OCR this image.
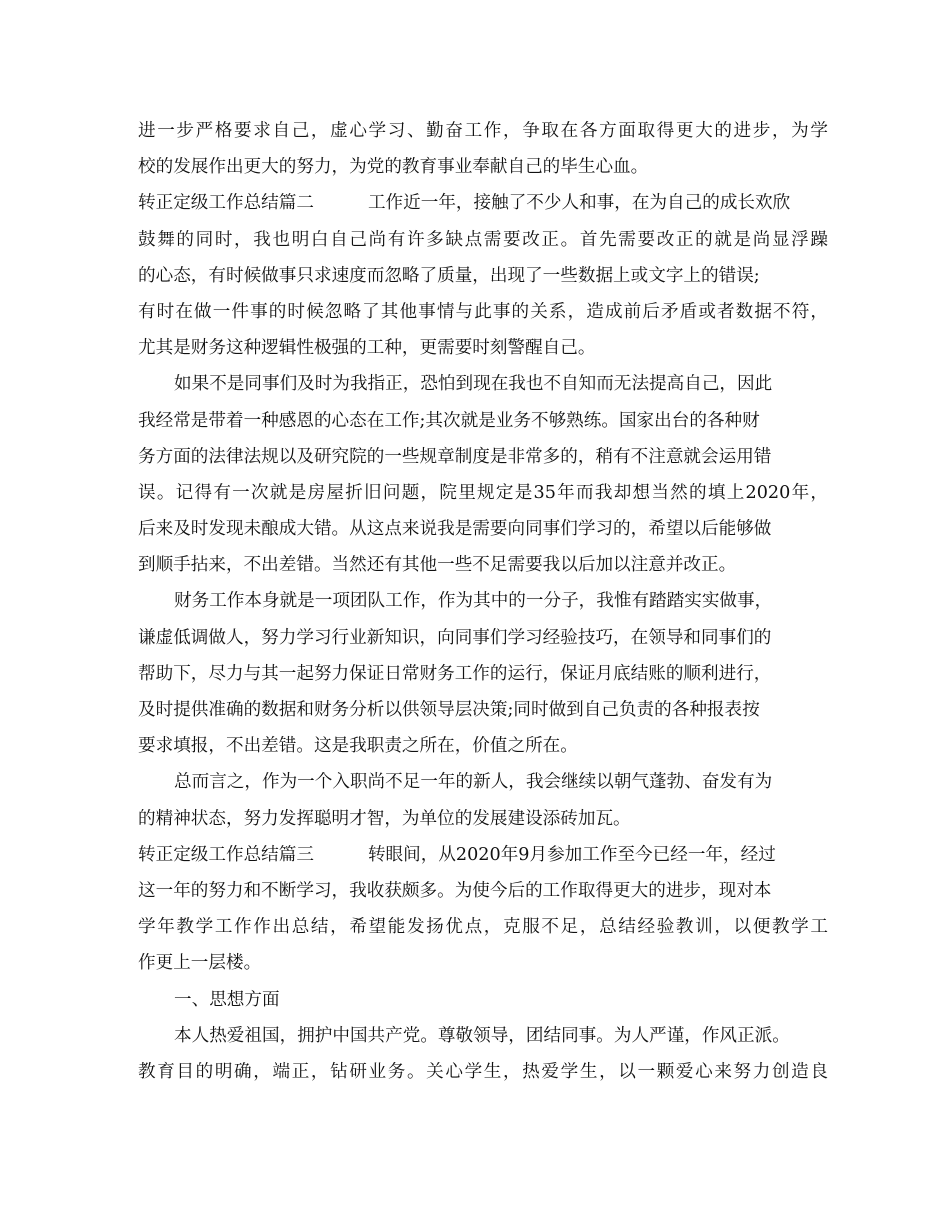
进一步严格要求自己，虚心学习、勤奋工作，争取在各方面取得更大的进步，为学
校的发展作出更大的努力，为党的教育事业奉献自己的毕生心血。
转正定级工作总结篇二	工作近一年，接触了不少人和事，在为自己的成长欢欣
鼓舞的同时，我也明白自己尚有许多缺点需要改正。首先需要改正的就是尚显浮躁
的心态，有时候做事只求速度而忽略了质量，出现了一些数据上或文字上的错误;
有时在做一件事的时候忽略了其他事情与此事的关系，造成前后矛盾或者数据不符，
尤其是财务这种逻辑性极强的工种，更需要时刻警醒自己。
如果不是同事们及时为我指正，恐怕到现在我也不自知而无法提高自己，因此
我经常是带着一种感恩的心态在工作;其次就是业务不够熟练。国家出台的各种财
务方面的法律法规以及研究院的一些规章制度是非常多的，稍有不注意就会运用错
误。记得有一次就是房屋折旧问题，院里规定是35年而我却想当然的填上2020年，
后来及时发现未酿成大错。从这点来说我是需要向同事们学习的，希望以后能够做
到顺手拈来，不出差错。当然还有其他一些不足需要我以后加以注意并改正。
财务工作本身就是一项团队工作，作为其中的一分子，我惟有踏踏实实做事，
谦虚低调做人，努力学习行业新知识，向同事们学习经验技巧，在领导和同事们的
帮助下，尽力与其一起努力保证日常财务工作的运行，保证月底结账的顺利进行，
及时提供准确的数据和财务分析以供领导层决策;同时做到自己负责的各种报表按
要求填报，不出差错。这是我职责之所在，价值之所在。
总而言之，作为一个入职尚不足一年的新人，我会继续以朝气蓬勃、奋发有为
的精神状态，努力发挥聪明才智，为单位的发展建设添砖加瓦。
转正定级工作总结篇三	转眼间，从2020年9月参加工作至今已经一年，经过
这一年的努力和不断学习，我收获颇多。为使今后的工作取得更大的进步，现对本
学年教学工作作出总结，希望能发扬优点，克服不足，总结经验教训，以便教学工
作更上一层楼。
一、思想方面
本人热爱祖国，拥护中国共产党。尊敬领导，团结同事。为人严谨，作风正派。
教育目的明确，端正，钻研业务。关心学生，热爱学生，以一颗爱心来努力创造良
